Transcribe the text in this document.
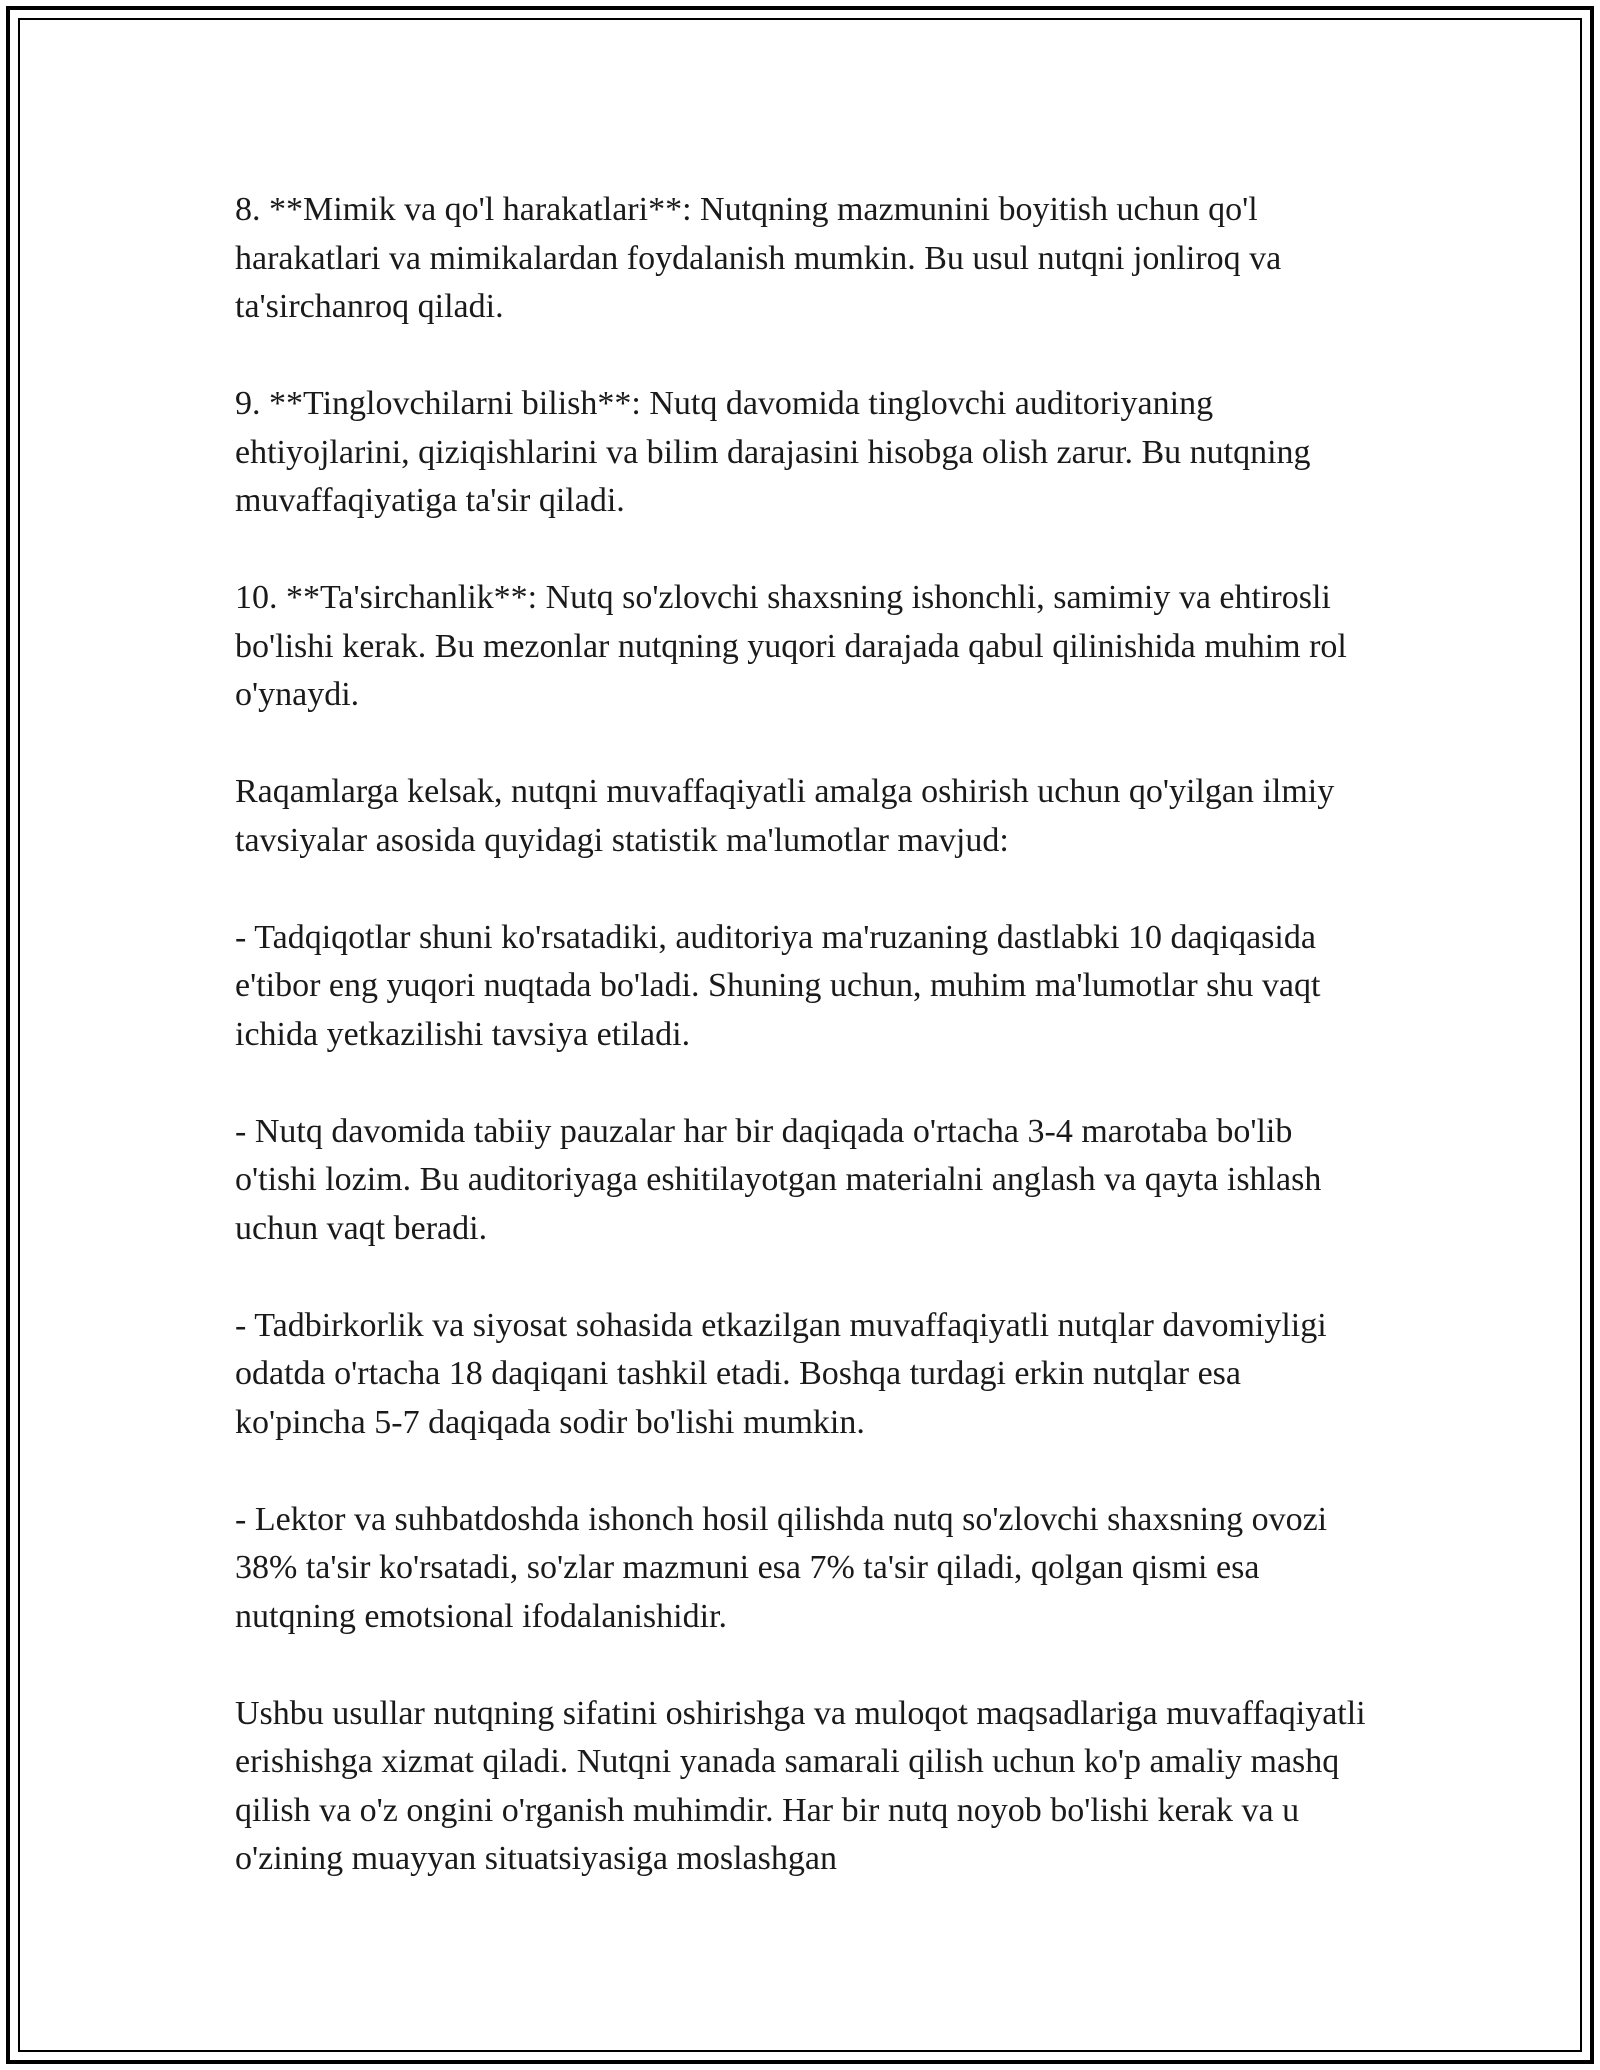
8. **Mimik va qo'l harakatlari**: Nutqning mazmunini boyitish uchun qo'l harakatlari va mimikalardan foydalanish mumkin. Bu usul nutqni jonliroq va ta'sirchanroq qiladi.

9. **Tinglovchilarni bilish**: Nutq davomida tinglovchi auditoriyaning ehtiyojlarini, qiziqishlarini va bilim darajasini hisobga olish zarur. Bu nutqning muvaffaqiyatiga ta'sir qiladi.

10. **Ta'sirchanlik**: Nutq so'zlovchi shaxsning ishonchli, samimiy va ehtirosli bo'lishi kerak. Bu mezonlar nutqning yuqori darajada qabul qilinishida muhim rol o'ynaydi.

Raqamlarga kelsak, nutqni muvaffaqiyatli amalga oshirish uchun qo'yilgan ilmiy tavsiyalar asosida quyidagi statistik ma'lumotlar mavjud:

- Tadqiqotlar shuni ko'rsatadiki, auditoriya ma'ruzaning dastlabki 10 daqiqasida e'tibor eng yuqori nuqtada bo'ladi. Shuning uchun, muhim ma'lumotlar shu vaqt ichida yetkazilishi tavsiya etiladi.

- Nutq davomida tabiiy pauzalar har bir daqiqada o'rtacha 3-4 marotaba bo'lib o'tishi lozim. Bu auditoriyaga eshitilayotgan materialni anglash va qayta ishlash uchun vaqt beradi.

- Tadbirkorlik va siyosat sohasida etkazilgan muvaffaqiyatli nutqlar davomiyligi odatda o'rtacha 18 daqiqani tashkil etadi. Boshqa turdagi erkin nutqlar esa ko'pincha 5-7 daqiqada sodir bo'lishi mumkin.

- Lektor va suhbatdoshda ishonch hosil qilishda nutq so'zlovchi shaxsning ovozi 38% ta'sir ko'rsatadi, so'zlar mazmuni esa 7% ta'sir qiladi, qolgan qismi esa nutqning emotsional ifodalanishidir.

Ushbu usullar nutqning sifatini oshirishga va muloqot maqsadlariga muvaffaqiyatli erishishga xizmat qiladi. Nutqni yanada samarali qilish uchun ko'p amaliy mashq qilish va o'z ongini o'rganish muhimdir. Har bir nutq noyob bo'lishi kerak va u o'zining muayyan situatsiyasiga moslashgan
